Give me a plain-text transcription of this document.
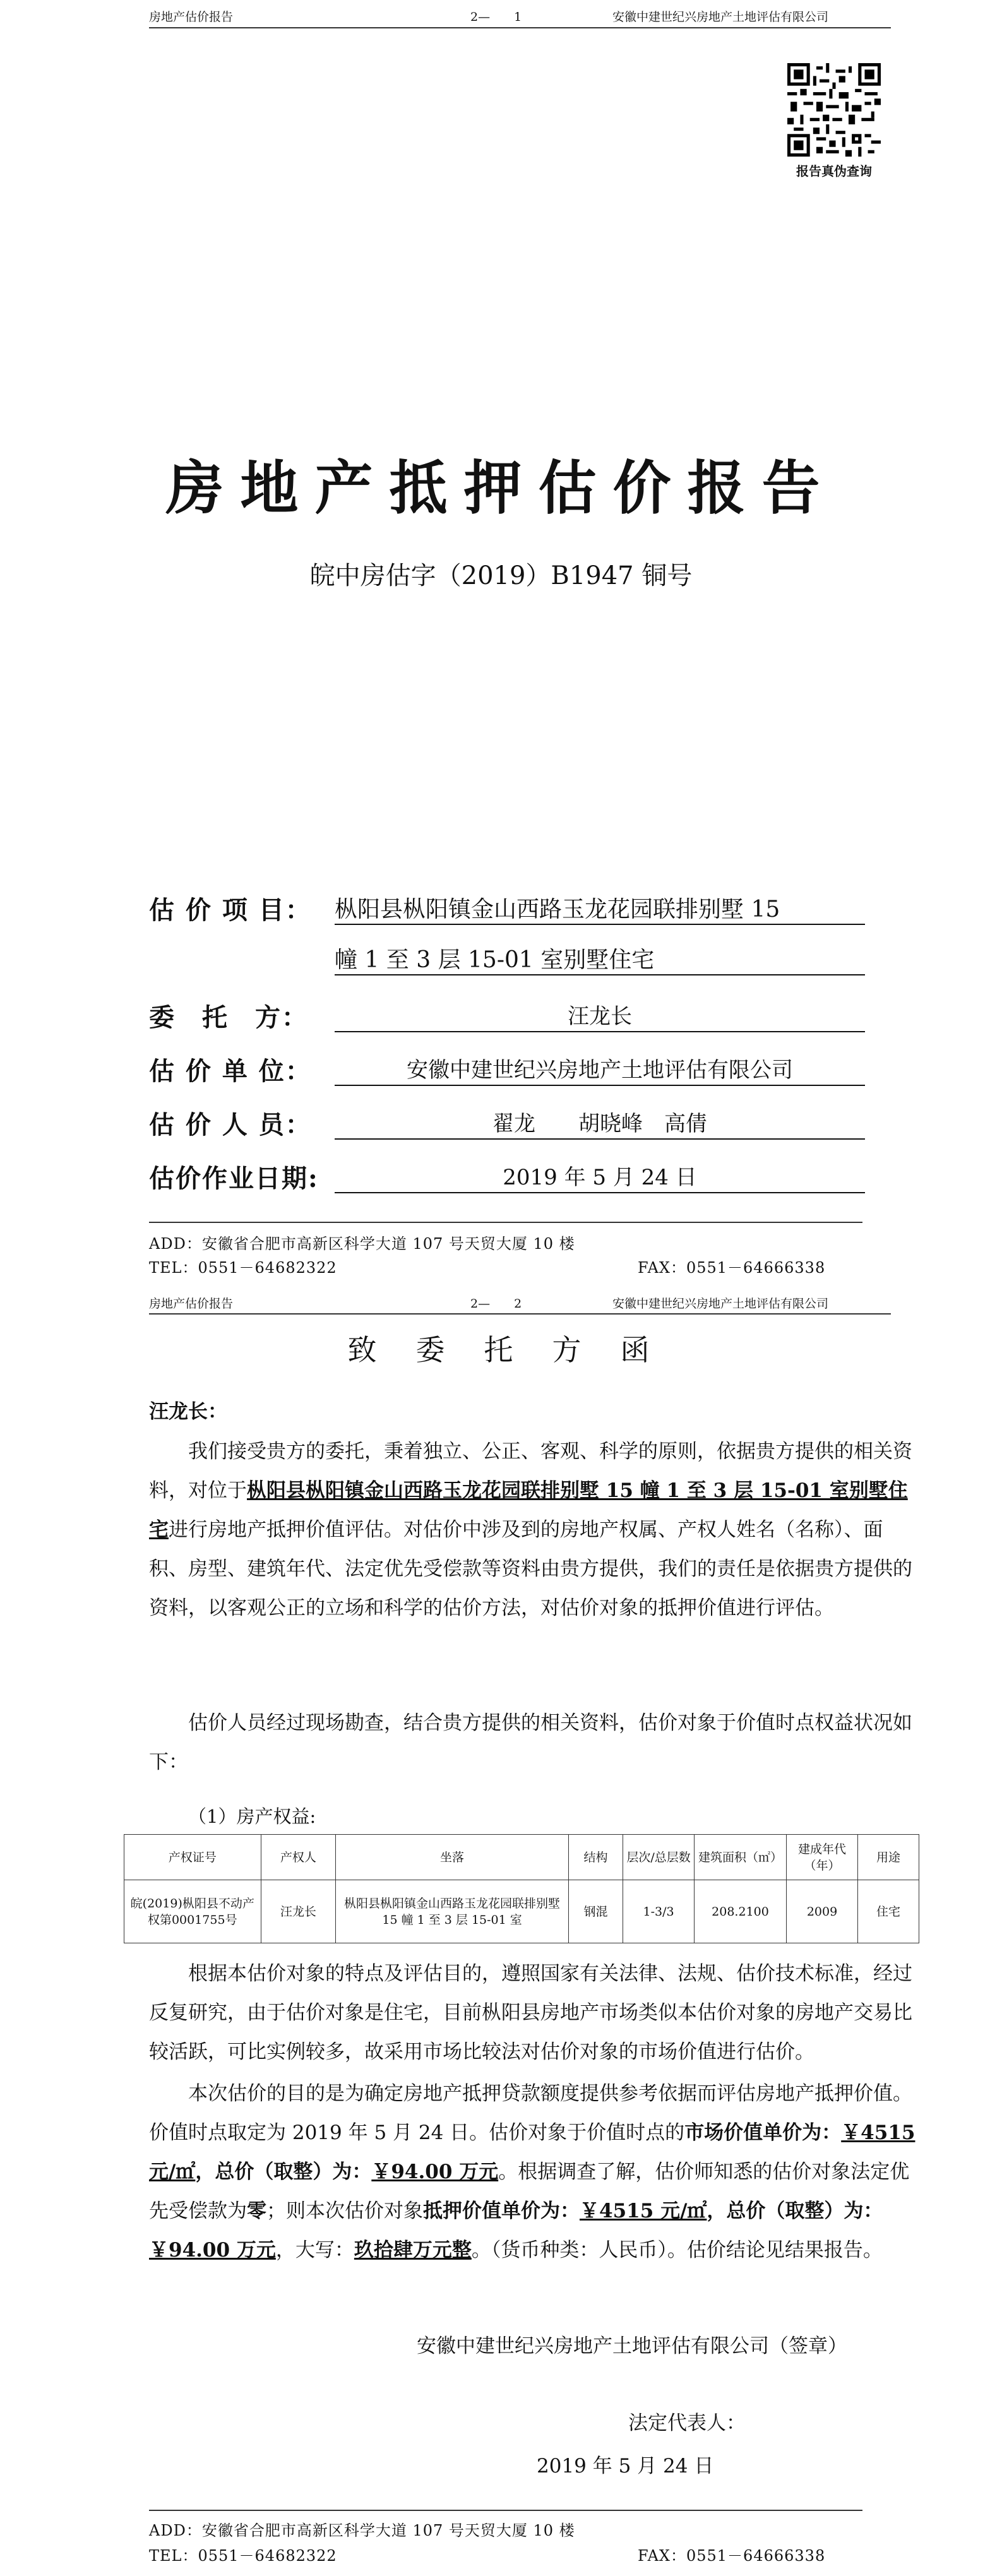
房地产估价报告	2—　　1	安徽中建世纪兴房地产土地评估有限公司
报告真伪查询
房地产抵押估价报告
皖中房估字（2019）B1947 铜号
估 价 项 目： 枞阳县枞阳镇金山西路玉龙花园联排别墅 15
幢 1 至 3 层 15-01 室别墅住宅
委　托　方：	汪龙长
估 价 单 位：	安徽中建世纪兴房地产土地评估有限公司
估 价 人 员：	翟龙　　胡晓峰　高倩
估价作业日期:	2019 年 5 月 24 日
ADD：安徽省合肥市高新区科学大道 107 号天贸大厦 10 楼
TEL：0551－64682322	FAX：0551－64666338
房地产估价报告	2—　　2	安徽中建世纪兴房地产土地评估有限公司
致　委　托　方　函
汪龙长：
我们接受贵方的委托，秉着独立、公正、客观、科学的原则，依据贵方提供的相关资料，对位于枞阳县枞阳镇金山西路玉龙花园联排别墅 15 幢 1 至 3 层 15-01 室别墅住宅进行房地产抵押价值评估。对估价中涉及到的房地产权属、产权人姓名（名称）、面积、房型、建筑年代、法定优先受偿款等资料由贵方提供，我们的责任是依据贵方提供的资料，以客观公正的立场和科学的估价方法，对估价对象的抵押价值进行评估。
估价人员经过现场勘查，结合贵方提供的相关资料，估价对象于价值时点权益状况如下：
（1）房产权益:
产权证号	产权人	坐落	结构	层次/总层数	建筑面积（㎡）	建成年代（年）	用途
皖(2019)枞阳县不动产权第0001755号	汪龙长	枞阳县枞阳镇金山西路玉龙花园联排别墅 15 幢 1 至 3 层 15-01 室	钢混	1-3/3	208.2100	2009	住宅
根据本估价对象的特点及评估目的，遵照国家有关法律、法规、估价技术标准，经过反复研究，由于估价对象是住宅，目前枞阳县房地产市场类似本估价对象的房地产交易比较活跃，可比实例较多，故采用市场比较法对估价对象的市场价值进行估价。
本次估价的目的是为确定房地产抵押贷款额度提供参考依据而评估房地产抵押价值。价值时点取定为 2019 年 5 月 24 日。估价对象于价值时点的市场价值单价为：￥4515 元/㎡，总价（取整）为：￥94.00 万元。根据调查了解，估价师知悉的估价对象法定优先受偿款为零；则本次估价对象抵押价值单价为：￥4515 元/㎡，总价（取整）为：￥94.00 万元，大写：玖拾肆万元整。（货币种类：人民币）。估价结论见结果报告。
安徽中建世纪兴房地产土地评估有限公司（签章）
法定代表人：
2019 年 5 月 24 日
ADD：安徽省合肥市高新区科学大道 107 号天贸大厦 10 楼
TEL：0551－64682322	FAX：0551－64666338
